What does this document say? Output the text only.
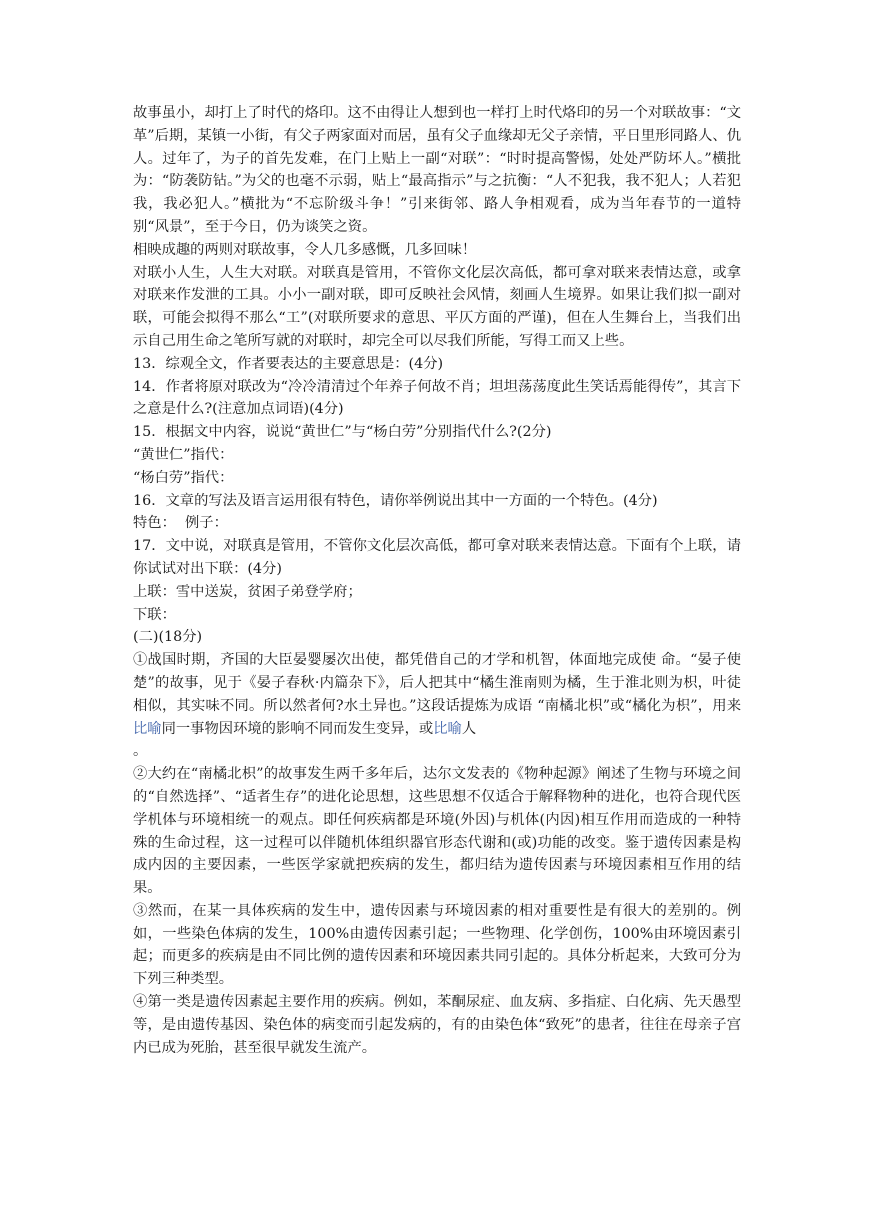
故事虽小，却打上了时代的烙印。这不由得让人想到也一样打上时代烙印的另一个对联故事：“文革”后期，某镇一小街，有父子两家面对而居，虽有父子血缘却无父子亲情，平日里形同路人、仇人。过年了，为子的首先发难，在门上贴上一副“对联”：“时时提高警惕，处处严防坏人。”横批为：“防袭防钻。”为父的也毫不示弱，贴上“最高指示”与之抗衡：“人不犯我，我不犯人；人若犯我，我必犯人。”横批为“不忘阶级斗争！”引来街邻、路人争相观看，成为当年春节的一道特别“风景”，至于今日，仍为谈笑之资。

相映成趣的两则对联故事，令人几多感慨，几多回味！

对联小人生，人生大对联。对联真是管用，不管你文化层次高低，都可拿对联来表情达意，或拿对联来作发泄的工具。小小一副对联，即可反映社会风情，刻画人生境界。如果让我们拟一副对联，可能会拟得不那么“工”(对联所要求的意思、平仄方面的严谨)，但在人生舞台上，当我们出示自己用生命之笔所写就的对联时，却完全可以尽我们所能，写得工而又上些。

13．综观全文，作者要表达的主要意思是：(4分)

14．作者将原对联改为“冷冷清清过个年养子何故不肖；坦坦荡荡度此生笑话焉能得传”，其言下之意是什么?(注意加点词语)(4分)

15．根据文中内容，说说“黄世仁”与“杨白劳”分别指代什么?(2分)

“黄世仁”指代：

“杨白劳”指代：

16．文章的写法及语言运用很有特色，请你举例说出其中一方面的一个特色。(4分)

特色：  例子：

17．文中说，对联真是管用，不管你文化层次高低，都可拿对联来表情达意。下面有个上联，请你试试对出下联：(4分)

上联：雪中送炭，贫困子弟登学府；

下联：

(二)(18分)

①战国时期，齐国的大臣晏婴屡次出使，都凭借自己的才学和机智，体面地完成使 命。“晏子使楚”的故事，见于《晏子春秋·内篇杂下》，后人把其中“橘生淮南则为橘，生于淮北则为枳，叶徒相似，其实味不同。所以然者何?水土异也。”这段话提炼为成语 “南橘北枳”或“橘化为枳”，用来比喻同一事物因环境的影响不同而发生变异，或比喻人

。

②大约在“南橘北枳”的故事发生两千多年后，达尔文发表的《物种起源》阐述了生物与环境之间的“自然选择”、“适者生存”的进化论思想，这些思想不仅适合于解释物种的进化，也符合现代医学机体与环境相统一的观点。即任何疾病都是环境(外因)与机体(内因)相互作用而造成的一种特殊的生命过程，这一过程可以伴随机体组织器官形态代谢和(或)功能的改变。鉴于遗传因素是构成内因的主要因素，一些医学家就把疾病的发生，都归结为遗传因素与环境因素相互作用的结果。

③然而，在某一具体疾病的发生中，遗传因素与环境因素的相对重要性是有很大的差别的。例如，一些染色体病的发生，100%由遗传因素引起；一些物理、化学创伤，100%由环境因素引起；而更多的疾病是由不同比例的遗传因素和环境因素共同引起的。具体分析起来，大致可分为下列三种类型。

④第一类是遗传因素起主要作用的疾病。例如，苯酮尿症、血友病、多指症、白化病、先天愚型等，是由遗传基因、染色体的病变而引起发病的，有的由染色体“致死”的患者，往往在母亲子宫内已成为死胎，甚至很早就发生流产。
